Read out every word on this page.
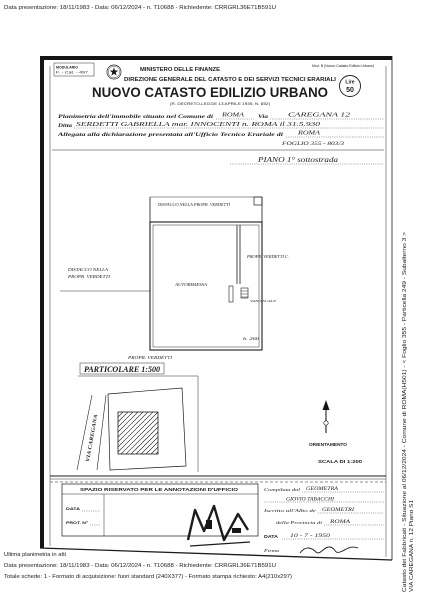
Data presentazione: 18/11/1983 - Data: 06/12/2024 - n. T10688 - Richiedente: CRRGRL36E71B591U
MODULARIO
F. - Cat. - 497	MINISTERO DELLE FINANZE
DIREZIONE GENERALE DEL CATASTO E DEI SERVIZI TECNICI ERARIALI
Mod. B (Nuovo Catasto Edilizio Urbano)
NUOVO CATASTO EDILIZIO URBANO
(R. DECRETO-LEGGE 13 APRILE 1939, N. 652)
Lire
50
Planimetria dell'immobile situato nel Comune di ROMA	Via	CAREGANA 12
Ditta SERDETTI GABRIELLA mar. INNOCENTI n. ROMA il 31.5.930
Allegata alla dichiarazione presentata all'Ufficio Tecnico Erariale di ROMA
FOGLIO 355 - 803/3
PIANO 1° sottostrada
DISTACCO NELLA PROPR. VERDETTI
DISTACCO NELLA
PROPR. VERDETTI
PROPR. VERDETTI C.
AUTORIMESSA
VANO SCALE
h. 260
PROPR. VERDETTI
PARTICOLARE 1:500
VIA CAREGANA	ORIENTAMENTO
SCALA DI 1:200
SPAZIO RISERVATO PER LE ANNOTAZIONI D'UFFICIO
DATA
PROT. N°
Compilata dal GEOMETRA
GIOVIO TABACCHI
Iscritto all'Albo de GEOMETRI
della Provincia di ROMA
DATA 10 - 7 - 1950
Firma	Catasto dei Fabbricati - Situazione al 06/12/2024 - Comune di ROMA(H501) - < Foglio 355 - Particella 249 - Subalterno 3 > VIA CAREGANA n. 12 Piano S1
Ultima planimetria in atti
Data presentazione: 18/11/1983 - Data: 06/12/2024 - n. T10688 - Richiedente: CRRGRL36E71B591U
Totale schede: 1 - Formato di acquisizione: fuori standard (240X377) - Formato stampa richiesto: A4(210x297)
